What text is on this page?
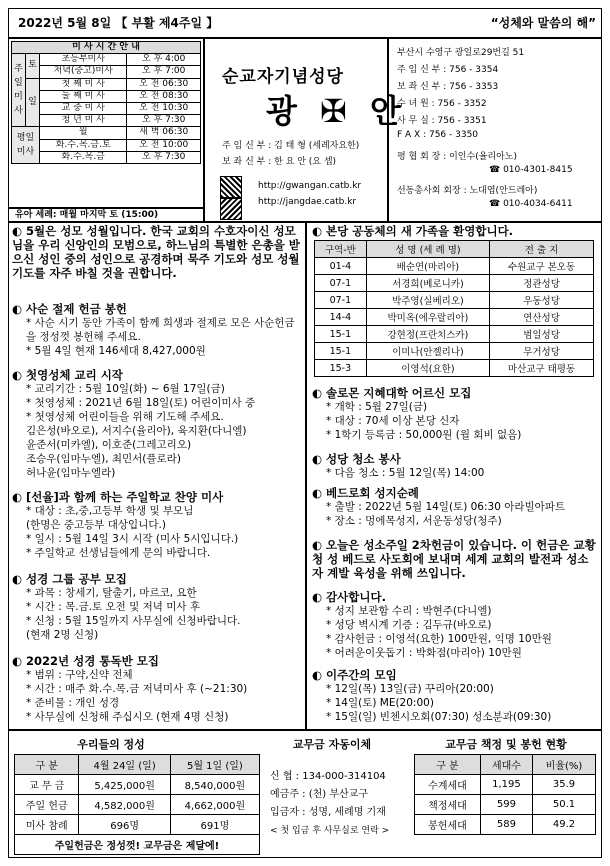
2022년 5월 8일 【 부활 제4주일 】	“성체와 말씀의 해”
미 사 시 간 안 내			
주
일
미
사	토	초등부미사	오 후 4:00
		저녁(중고)미사	오 후 7:00
	일	첫 째 미 사	오 전 06:30
		둘 째 미 사	오 전 08:30
		교 중 미 사	오 전 10:30
		청 년 미 사	오 후 7:30
평일 미사		월	새 벽 06:30
		화.수.목.금.토	오 전 10:00
		화.수.목.금	오 후 7:30
유아 세례: 매월 마지막 토 (15:00)
순교자기념성당
광 ✠ 안
주 임 신 부 : 김 태 형 (세례자요한)
보 좌 신 부 : 한 요 안 (요 셉)
http://gwangan.catb.kr
http://jangdae.catb.kr
부산시 수영구 광일로29번길 51
주 임 신 부 : 756 - 3354
보 좌 신 부 : 756 - 3353
수 녀 원 : 756 - 3352
사 무 실 : 756 - 3351
F A X : 756 - 3350
평 협 회 장 : 이인수(율리아노)
☎ 010-4301-8415
선동총사회 회장 : 노대엽(안드레아)
☎ 010-4034-6411
◐ 5월은 성모 성월입니다. 한국 교회의 수호자이신 성모님을 우리 신앙인의 모범으로, 하느님의 특별한 은총을 받으신 성인 중의 성인으로 공경하며 묵주 기도와 성모 성월 기도를 자주 바칠 것을 권합니다.
◐ 사순 절제 헌금 봉헌
* 사순 시기 동안 가족이 함께 희생과 절제로 모은 사순헌금을 정성껏 봉헌해 주세요.
* 5월 4일 현재 146세대 8,427,000원
◐ 첫영성체 교리 시작
* 교리기간 : 5월 10일(화) ~ 6월 17일(금)
* 첫영성체 : 2021년 6월 18일(토) 어린이미사 중
* 첫영성체 어린이들을 위해 기도해 주세요.
김은성(바오로), 서지수(율리아), 육지환(다니엘)
윤준서(미카엘), 이호준(그레고리오)
조승우(임마누엘), 최민서(플로라)
허나윤(임마누엘라)
◐ [선율]과 함께 하는 주일학교 찬양 미사
* 대상 : 초,중,고등부 학생 및 부모님
(한명은 중고등부 대상입니다.)
* 일시 : 5월 14일 3시 시작 (미사 5시입니다.)
* 주일학교 선생님들에게 문의 바랍니다.
◐ 성경 그룹 공부 모집
* 과목 : 창세기, 탈출기, 마르코, 요한
* 시간 : 목.금.토 오전 및 저녁 미사 후
* 신청 : 5월 15일까지 사무실에 신청바랍니다.
(현재 2명 신청)
◐ 2022년 성경 통독반 모집
* 범위 : 구약,신약 전체
* 시간 : 매주 화.수.목.금 저녁미사 후 (~21:30)
* 준비물 : 개인 성경
* 사무실에 신청해 주십시오 (현재 4명 신청)
◐ 솔로몬 지혜대학 어르신 모집
* 개학 : 5월 27일(금)
* 대상 : 70세 이상 본당 신자
* 1학기 등록금 : 50,000원 (월 회비 없음)
◐ 성당 청소 봉사
* 다음 청소 : 5월 12일(목) 14:00
◐ 베드로회 성지순례
* 출발 : 2022년 5월 14일(토) 06:30 아라빌아파트
* 장소 : 멍에목성지, 서운동성당(청주)
◐ 오늘은 성소주일 2차헌금이 있습니다. 이 헌금은 교황청 성 베드로 사도회에 보내며 세계 교회의 발전과 성소자 계발 육성을 위해 쓰입니다.
◐ 감사합니다.
* 성지 보관함 수리 : 박현주(다니엘)
* 성당 벽시계 기증 : 김두규(바오로)
* 감사헌금 : 이영석(요한) 100만원, 익명 10만원
* 어려운이웃돕기 : 박화점(마리아) 10만원
◐ 이주간의 모임
* 12일(목) 13일(금) 꾸리아(20:00)
* 14일(토) ME(20:00)
* 15일(일) 빈첸시오회(07:30) 성소분과(09:30)
◐ 본당 공동체의 새 가족을 환영합니다.
구역-반	성 명 (세 례 명)	전 출 지
01-4	배순연(마리아)	수원교구 본오동
07-1	서경희(베로니카)	정관성당
07-1	박주영(실베리오)	우동성당
14-4	박미옥(에우랄리아)	연산성당
15-1	강현정(프란치스카)	범일성당
15-1	이미나(안젤리나)	무거성당
15-3	이영석(요한)	마산교구 태평동
우리들의 정성
구 분	4월 24일 (일)	5월 1일 (일)
교 무 금	5,425,000원	8,540,000원
주일 헌금	4,582,000원	4,662,000원
미사 참례	696명	691명
주일헌금은 정성껏! 교무금은 제달에!		
교무금 자동이체
신 협 : 134-000-314104
예금주 : (천) 부산교구
입금자 : 성명, 세례명 기재
< 첫 입금 후 사무실로 연락 >
교무금 책정 및 봉헌 현황
구 분	세대수	비율(%)
수계세대	1,195	35.9
책정세대	599	50.1
봉헌세대	589	49.2
